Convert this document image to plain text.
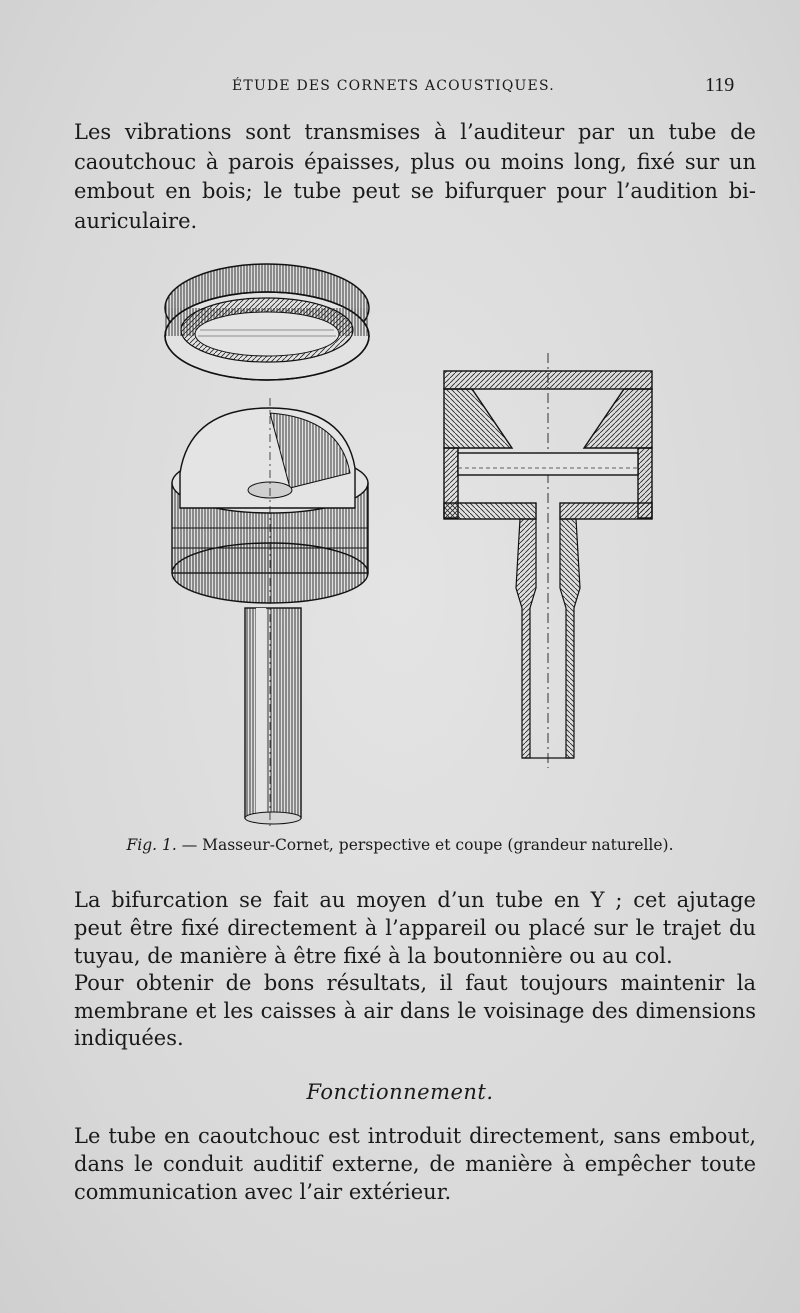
ÉTUDE DES CORNETS ACOUSTIQUES.	119

Les vibrations sont transmises à l’auditeur par un tube de caoutchouc à parois épaisses, plus ou moins long, fixé sur un embout en bois; le tube peut se bifurquer pour l’audition bi-auriculaire.

Fig. 1. — Masseur-Cornet, perspective et coupe (grandeur naturelle).

La bifurcation se fait au moyen d’un tube en Y ; cet ajutage peut être fixé directement à l’appareil ou placé sur le trajet du tuyau, de manière à être fixé à la boutonnière ou au col.

Pour obtenir de bons résultats, il faut toujours maintenir la membrane et les caisses à air dans le voisinage des dimensions indiquées.

Fonctionnement.

Le tube en caoutchouc est introduit directement, sans embout, dans le conduit auditif externe, de manière à empêcher toute communication avec l’air extérieur.
